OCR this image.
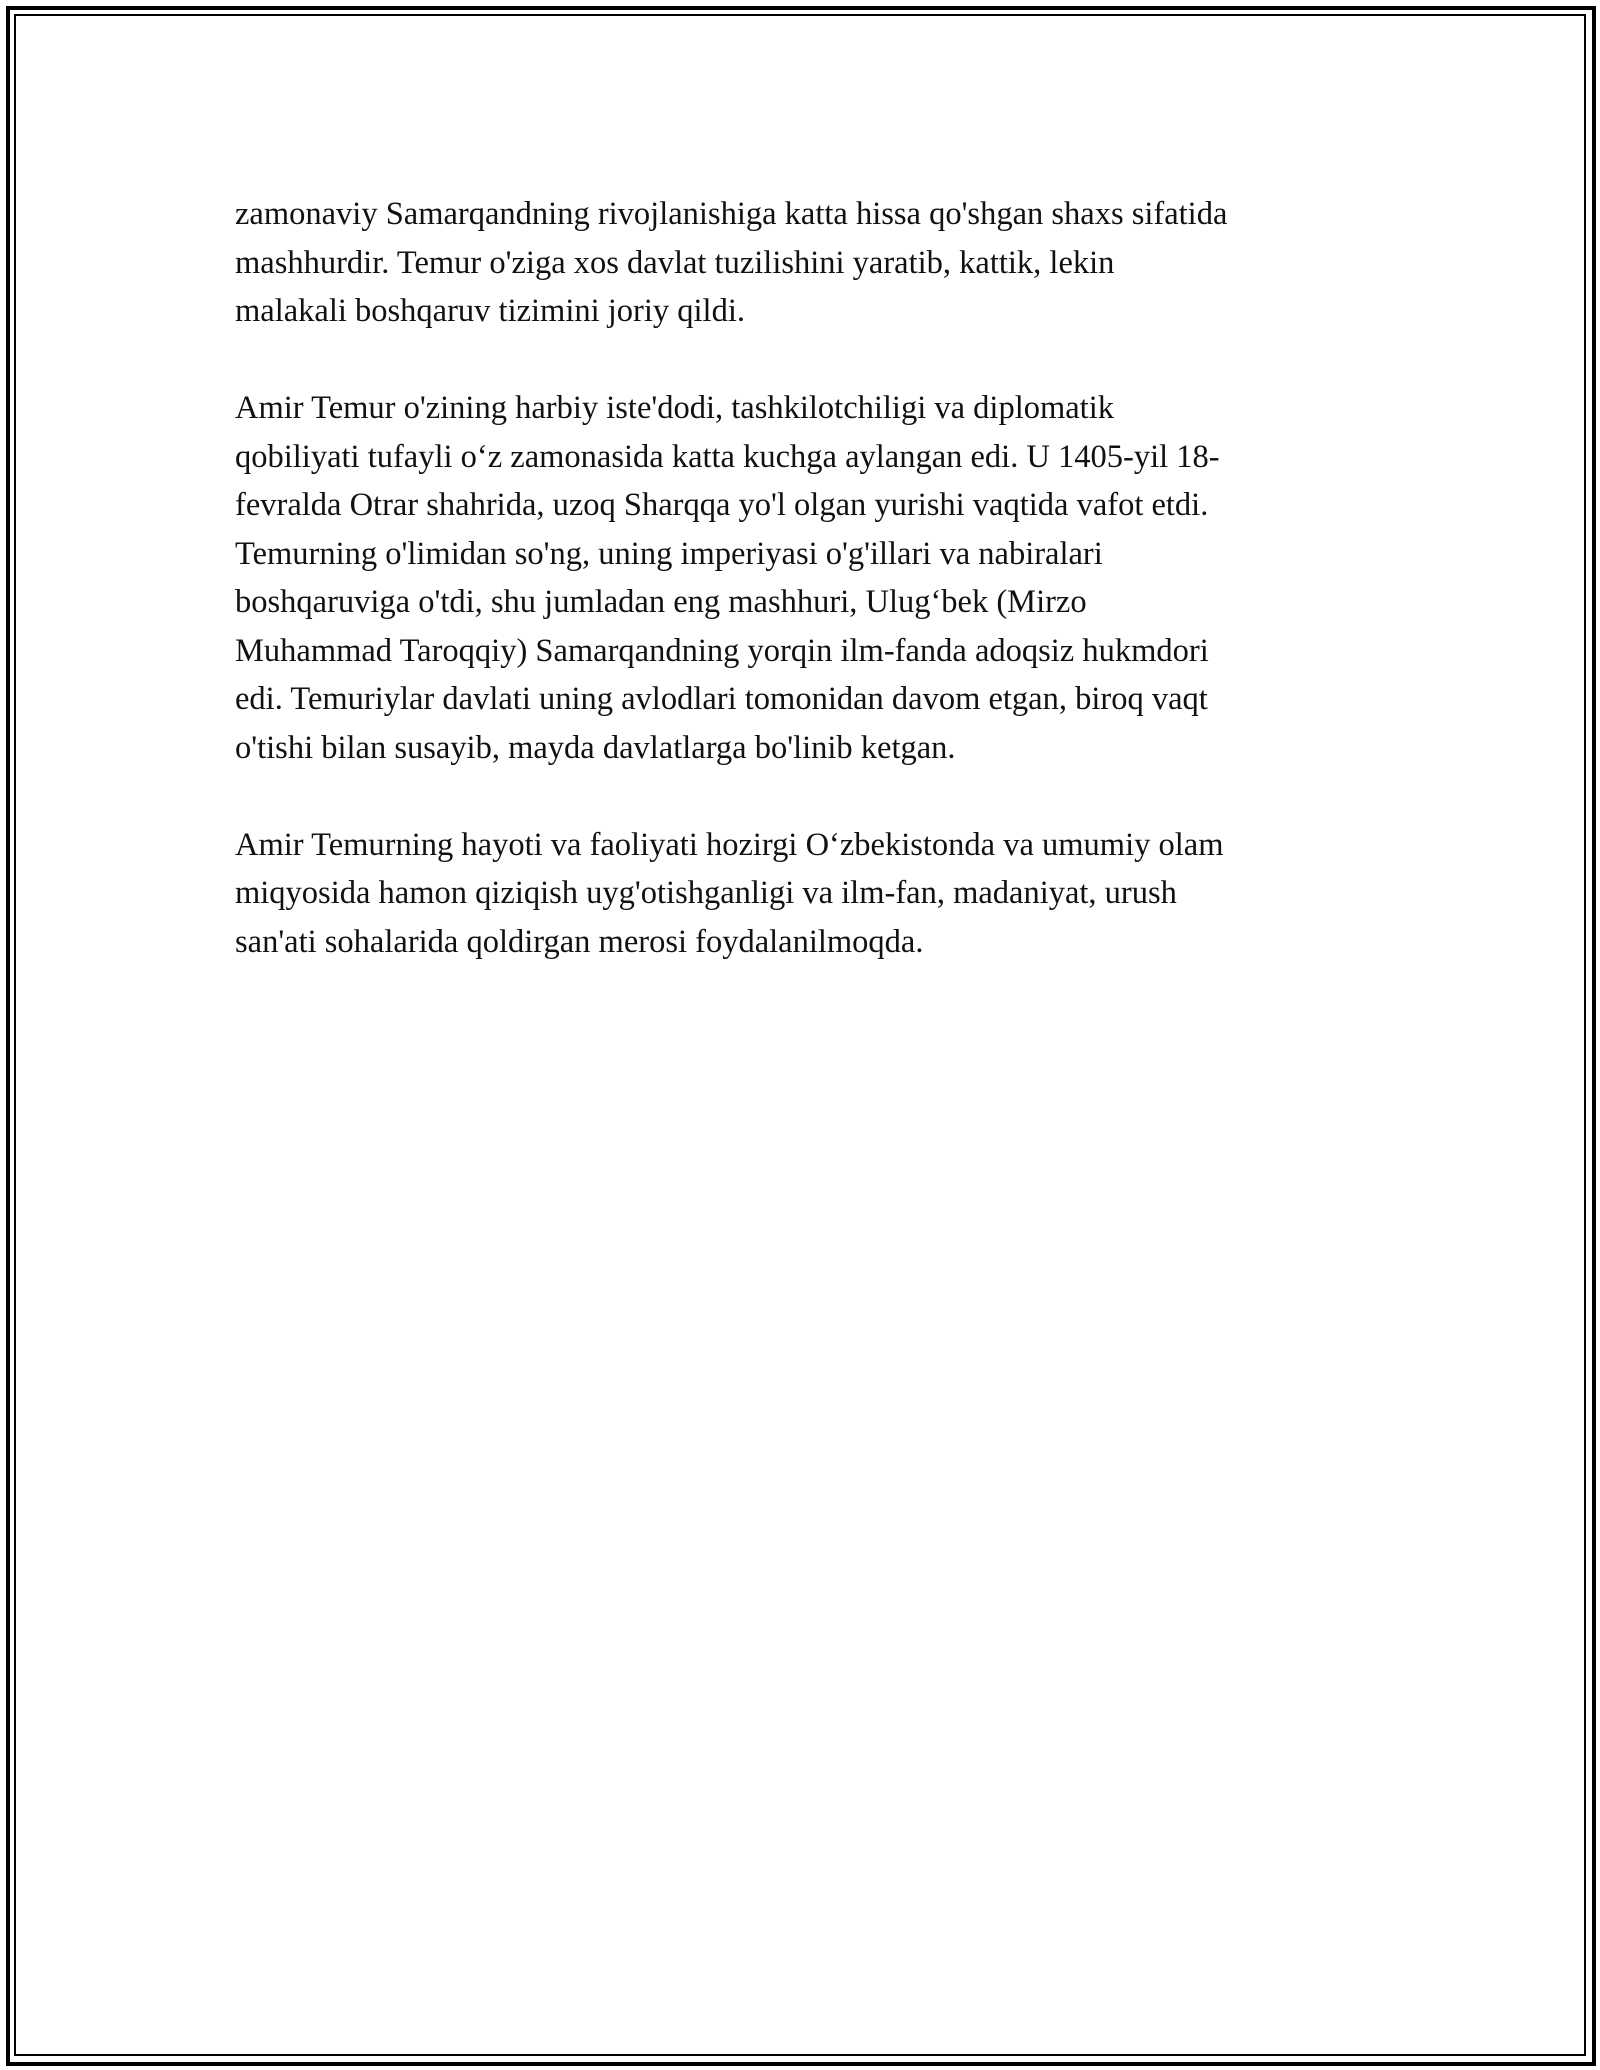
zamonaviy Samarqandning rivojlanishiga katta hissa qo'shgan shaxs sifatida
mashhurdir. Temur o'ziga xos davlat tuzilishini yaratib, kattik, lekin
malakali boshqaruv tizimini joriy qildi.

Amir Temur o'zining harbiy iste'dodi, tashkilotchiligi va diplomatik
qobiliyati tufayli o‘z zamonasida katta kuchga aylangan edi. U 1405-yil 18-
fevralda Otrar shahrida, uzoq Sharqqa yo'l olgan yurishi vaqtida vafot etdi.
Temurning o'limidan so'ng, uning imperiyasi o'g'illari va nabiralari
boshqaruviga o'tdi, shu jumladan eng mashhuri, Ulug‘bek (Mirzo
Muhammad Taroqqiy) Samarqandning yorqin ilm-fanda adoqsiz hukmdori
edi. Temuriylar davlati uning avlodlari tomonidan davom etgan, biroq vaqt
o'tishi bilan susayib, mayda davlatlarga bo'linib ketgan.

Amir Temurning hayoti va faoliyati hozirgi O‘zbekistonda va umumiy olam
miqyosida hamon qiziqish uyg'otishganligi va ilm-fan, madaniyat, urush
san'ati sohalarida qoldirgan merosi foydalanilmoqda.
